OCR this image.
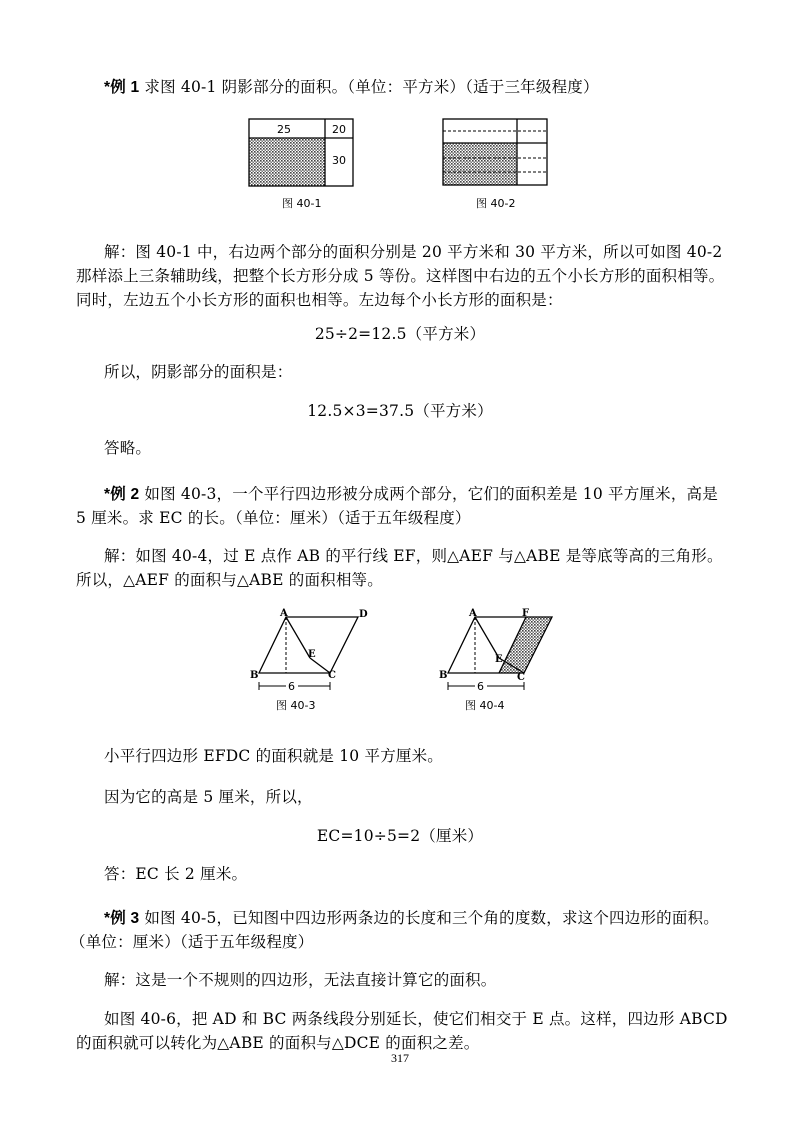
*例 1 求图 40-1 阴影部分的面积。（单位：平方米）（适于三年级程度）
25	20
30
图 40-1	图 40-2
解：图 40-1 中，右边两个部分的面积分别是 20 平方米和 30 平方米，所以可如图 40-2
那样添上三条辅助线，把整个长方形分成 5 等份。这样图中右边的五个小长方形的面积相等。
同时，左边五个小长方形的面积也相等。左边每个小长方形的面积是：
25÷2=12.5（平方米）
所以，阴影部分的面积是：
12.5×3=37.5（平方米）
答略。
*例 2 如图 40-3，一个平行四边形被分成两个部分，它们的面积差是 10 平方厘米，高是
5 厘米。求 EC 的长。（单位：厘米）（适于五年级程度）
解：如图 40-4，过 E 点作 AB 的平行线 EF，则△AEF 与△ABE 是等底等高的三角形。
所以，△AEF 的面积与△ABE 的面积相等。
A	D
E
B	C
6
图 40-3
A	F
E
B	C
6
图 40-4
小平行四边形 EFDC 的面积就是 10 平方厘米。
因为它的高是 5 厘米，所以，
EC=10÷5=2（厘米）
答：EC 长 2 厘米。
*例 3 如图 40-5，已知图中四边形两条边的长度和三个角的度数，求这个四边形的面积。
（单位：厘米）（适于五年级程度）
解：这是一个不规则的四边形，无法直接计算它的面积。
如图 40-6，把 AD 和 BC 两条线段分别延长，使它们相交于 E 点。这样，四边形 ABCD
的面积就可以转化为△ABE 的面积与△DCE 的面积之差。
317
